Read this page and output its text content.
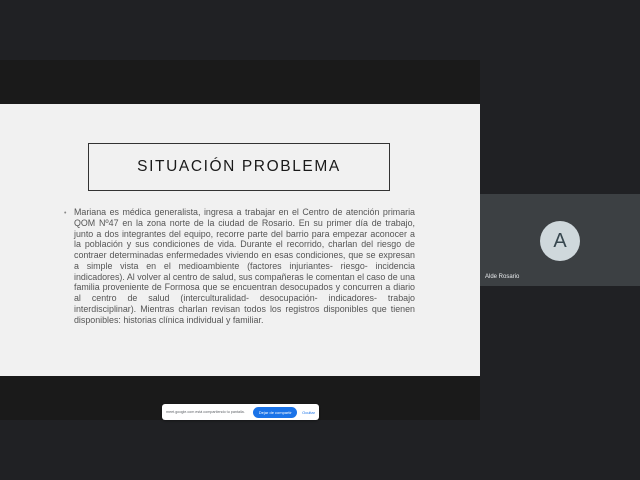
SITUACIÓN PROBLEMA
• Mariana es médica generalista, ingresa a trabajar en el Centro de atención primaria QOM Nº47 en la zona norte de la ciudad de Rosario. En su primer día de trabajo, junto a dos integrantes del equipo, recorre parte del barrio para empezar aconocer a la población y sus condiciones de vida. Durante el recorrido, charlan del riesgo de contraer determinadas enfermedades viviendo en esas condiciones, que se expresan a simple vista en el medioambiente (factores injuriantes- riesgo- incidencia indicadores). Al volver al centro de salud, sus compañeras le comentan el caso de una familia proveniente de Formosa que se encuentran desocupados y concurren a diario al centro de salud (interculturalidad- desocupación- indicadores- trabajo interdisciplinar). Mientras charlan revisan todos los registros disponibles que tienen disponibles: historias clínica individual y familiar.

meet.google.com está compartiendo tu pantalla.	Dejar de compartir	Ocultar
A
Alde Rosario
